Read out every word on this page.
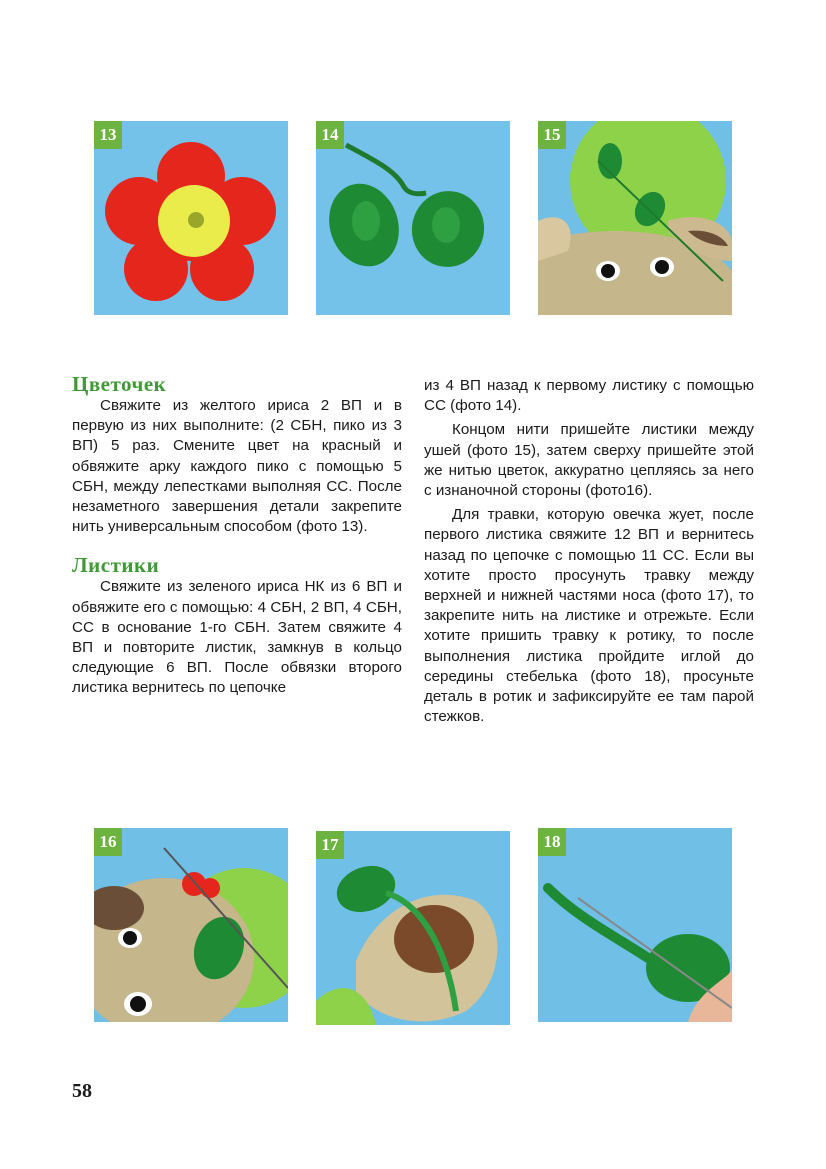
13	14	15
Цветочек

Свяжите из желтого ириса 2 ВП и в первую из них выполните: (2 СБН, пико из 3 ВП) 5 раз. Смените цвет на красный и обвяжите арку каждого пико с помощью 5 СБН, между лепестками выполняя СС. После незаметного завершения детали закрепите нить универсальным способом (фото 13).

Листики

Свяжите из зеленого ириса НК из 6 ВП и обвяжите его с помощью: 4 СБН, 2 ВП, 4 СБН, СС в основание 1-го СБН. Затем свяжите 4 ВП и повторите листик, замкнув в кольцо следующие 6 ВП. После обвязки второго листика вернитесь по цепочке

из 4 ВП назад к первому листику с помощью СС (фото 14).

Концом нити пришейте листики между ушей (фото 15), затем сверху пришейте этой же нитью цветок, аккуратно цепляясь за него с изнаночной стороны (фото16).

Для травки, которую овечка жует, после первого листика свяжите 12 ВП и вернитесь назад по цепочке с помощью 11 СС. Если вы хотите просто просунуть травку между верхней и нижней частями носа (фото 17), то закрепите нить на листике и отрежьте. Если хотите пришить травку к ротику, то после выполнения листика пройдите иглой до середины стебелька (фото 18), просуньте деталь в ротик и зафиксируйте ее там парой стежков.

16	17	18
58
